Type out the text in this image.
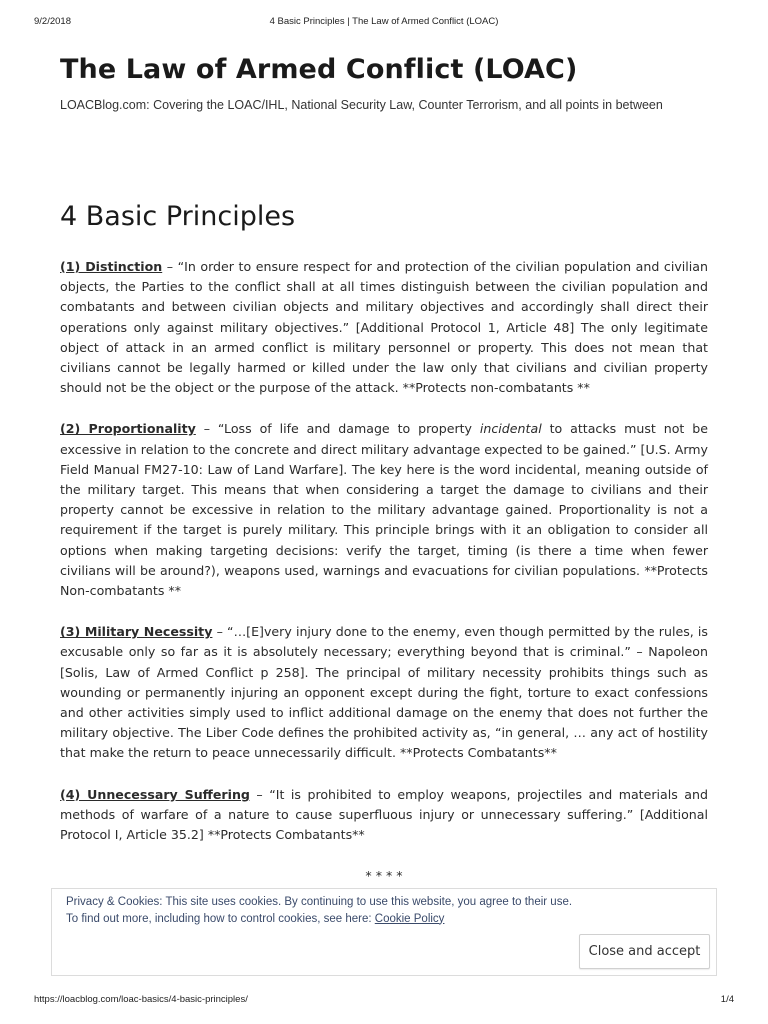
9/2/2018	4 Basic Principles | The Law of Armed Conflict (LOAC)
The Law of Armed Conflict (LOAC)

LOACBlog.com: Covering the LOAC/IHL, National Security Law, Counter Terrorism, and all points in between

4 Basic Principles

(1) Distinction – “In order to ensure respect for and protection of the civilian population and civilian objects, the Parties to the conflict shall at all times distinguish between the civilian population and combatants and between civilian objects and military objectives and accordingly shall direct their operations only against military objectives.” [Additional Protocol 1, Article 48] The only legitimate object of attack in an armed conflict is military personnel or property. This does not mean that civilians cannot be legally harmed or killed under the law only that civilians and civilian property should not be the object or the purpose of the attack. **Protects non-combatants **

(2) Proportionality – “Loss of life and damage to property incidental to attacks must not be excessive in relation to the concrete and direct military advantage expected to be gained.” [U.S. Army Field Manual FM27-10: Law of Land Warfare]. The key here is the word incidental, meaning outside of the military target. This means that when considering a target the damage to civilians and their property cannot be excessive in relation to the military advantage gained. Proportionality is not a requirement if the target is purely military. This principle brings with it an obligation to consider all options when making targeting decisions: verify the target, timing (is there a time when fewer civilians will be around?), weapons used, warnings and evacuations for civilian populations. **Protects Non-combatants **

(3) Military Necessity – “…[E]very injury done to the enemy, even though permitted by the rules, is excusable only so far as it is absolutely necessary; everything beyond that is criminal.” – Napoleon [Solis, Law of Armed Conflict p 258]. The principal of military necessity prohibits things such as wounding or permanently injuring an opponent except during the fight, torture to exact confessions and other activities simply used to inflict additional damage on the enemy that does not further the military objective. The Liber Code defines the prohibited activity as, “in general, … any act of hostility that make the return to peace unnecessarily difficult. **Protects Combatants**

(4) Unnecessary Suffering – “It is prohibited to employ weapons, projectiles and materials and methods of warfare of a nature to cause superfluous injury or unnecessary suffering.” [Additional Protocol I, Article 35.2] **Protects Combatants**

* * * *
Privacy & Cookies: This site uses cookies. By continuing to use this website, you agree to their use.
To find out more, including how to control cookies, see here: Cookie Policy
Close and accept
https://loacblog.com/loac-basics/4-basic-principles/	1/4
